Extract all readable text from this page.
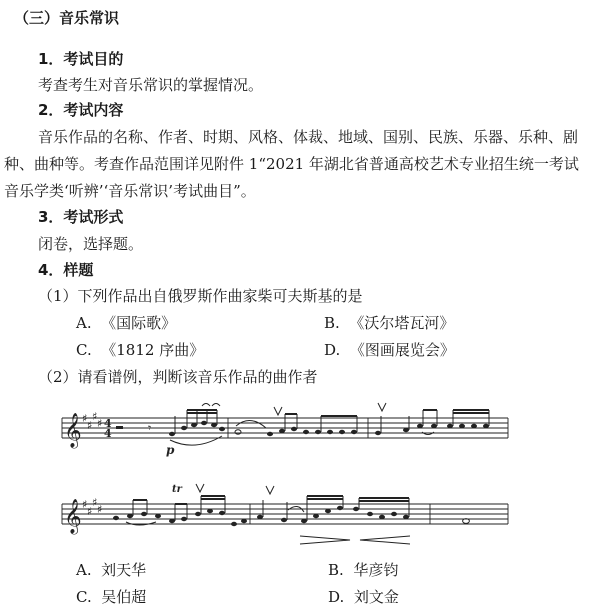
（三）音乐常识
1．考试目的
考查考生对音乐常识的掌握情况。
2．考试内容
音乐作品的名称、作者、时期、风格、体裁、地域、国别、民族、乐器、乐种、剧
种、曲种等。考查作品范围详见附件 1“2021 年湖北省普通高校艺术专业招生统一考试
音乐学类‘听辨’‘音乐常识’考试曲目”。
3．考试形式
闭卷，选择题。
4．样题
（1）下列作品出自俄罗斯作曲家柴可夫斯基的是
A. 《国际歌》	B. 《沃尔塔瓦河》
C. 《1812 序曲》	D. 《图画展览会》
（2）请看谱例，判断该音乐作品的曲作者
𝄞 ♯
♯
♯
♯ 4
4	𝄾
p
𝄞 ♯
♯
♯
♯
tr
A. 刘天华	B. 华彦钧
C. 吴伯超	D. 刘文金
